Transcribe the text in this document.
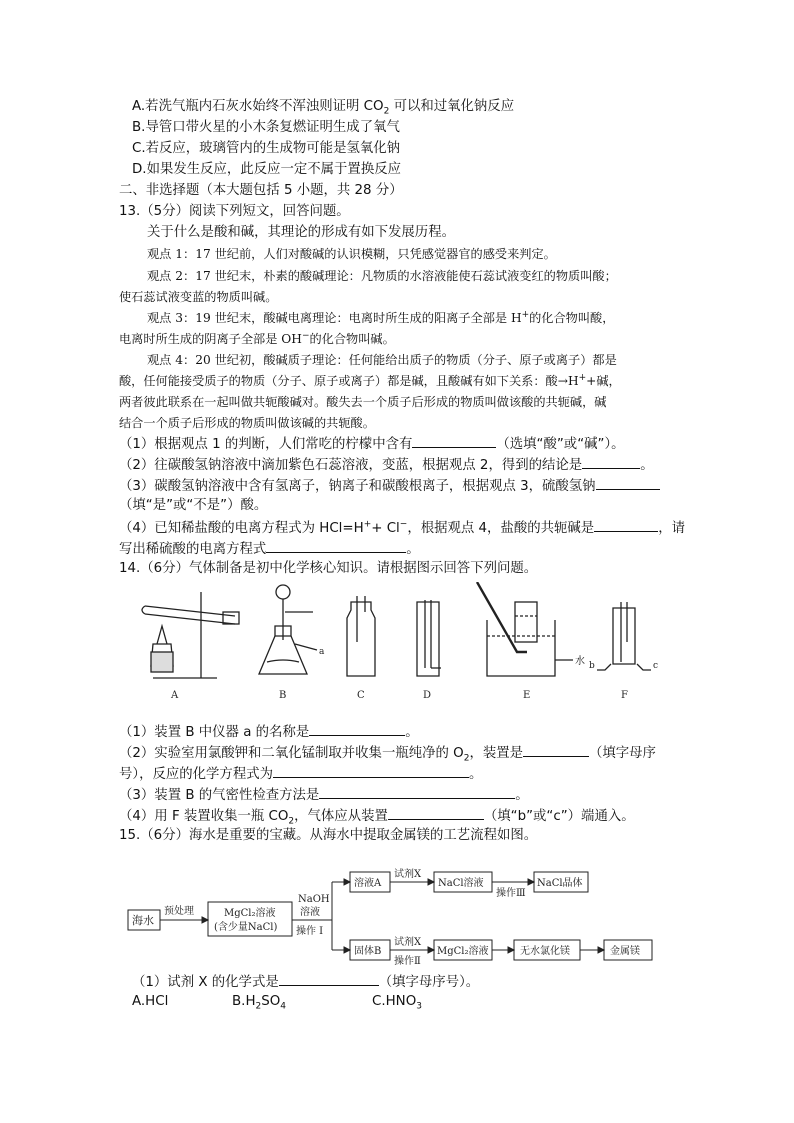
A.若洗气瓶内石灰水始终不浑浊则证明 $CO_2$ 可以和过氧化钠反应
B.导管口带火星的小木条复燃证明生成了氧气
C.若反应，玻璃管内的生成物可能是氢氧化钠
D.如果发生反应，此反应一定不属于置换反应
二、非选择题（本大题包括 5 小题，共 28 分）
13.（5分）阅读下列短文，回答问题。
关于什么是酸和碱，其理论的形成有如下发展历程。
观点 1：17 世纪前，人们对酸碱的认识模糊，只凭感觉器官的感受来判定。
观点 2：17 世纪末，朴素的酸碱理论：凡物质的水溶液能使石蕊试液变红的物质叫酸；
使石蕊试液变蓝的物质叫碱。
观点 3：19 世纪末，酸碱电离理论：电离时所生成的阳离子全部是 H+的化合物叫酸，
电离时所生成的阴离子全部是 OH−的化合物叫碱。
观点 4：20 世纪初，酸碱质子理论：任何能给出质子的物质（分子、原子或离子）都是
酸，任何能接受质子的物质（分子、原子或离子）都是碱，且酸碱有如下关系：酸→H++碱，
两者彼此联系在一起叫做共轭酸碱对。酸失去一个质子后形成的物质叫做该酸的共轭碱，碱
结合一个质子后形成的物质叫做该碱的共轭酸。
（1）根据观点 1 的判断，人们常吃的柠檬中含有	（选填“酸”或“碱”）。
（2）往碳酸氢钠溶液中滴加紫色石蕊溶液，变蓝，根据观点 2，得到的结论是	。
（3）碳酸氢钠溶液中含有氢离子，钠离子和碳酸根离子，根据观点 3，硫酸氢钠
（填“是”或“不是”）酸。
（4）已知稀盐酸的电离方程式为 HCl=H++ Cl−，根据观点 4，盐酸的共轭碱是	，请
写出稀硫酸的电离方程式	。
14.（6分）气体制备是初中化学核心知识。请根据图示回答下列问题。
A	B	C	D	E	F
a
b	c
水
（1）装置 B 中仪器 a 的名称是	。
（2）实验室用氯酸钾和二氧化锰制取并收集一瓶纯净的 $O_2$，装置是	（填字母序
号），反应的化学方程式为	。
（3）装置 B 的气密性检查方法是	。
（4）用 F 装置收集一瓶 $CO_2$，气体应从装置	（填“b”或“c”）端通入。
15.（6分）海水是重要的宝藏。从海水中提取金属镁的工艺流程如图。
海水
预处理	MgCl₂溶液
(含少量NaCl)
NaOH
溶液
操作 I
溶液A
试剂X
NaCl溶液
操作Ⅲ
NaCl晶体
固体B
试剂X
操作Ⅱ
MgCl₂溶液	无水氯化镁	金属镁
（1）试剂 X 的化学式是	（填字母序号）。
A.HCl	$B.H_2SO_4$	$C.HNO_3$
